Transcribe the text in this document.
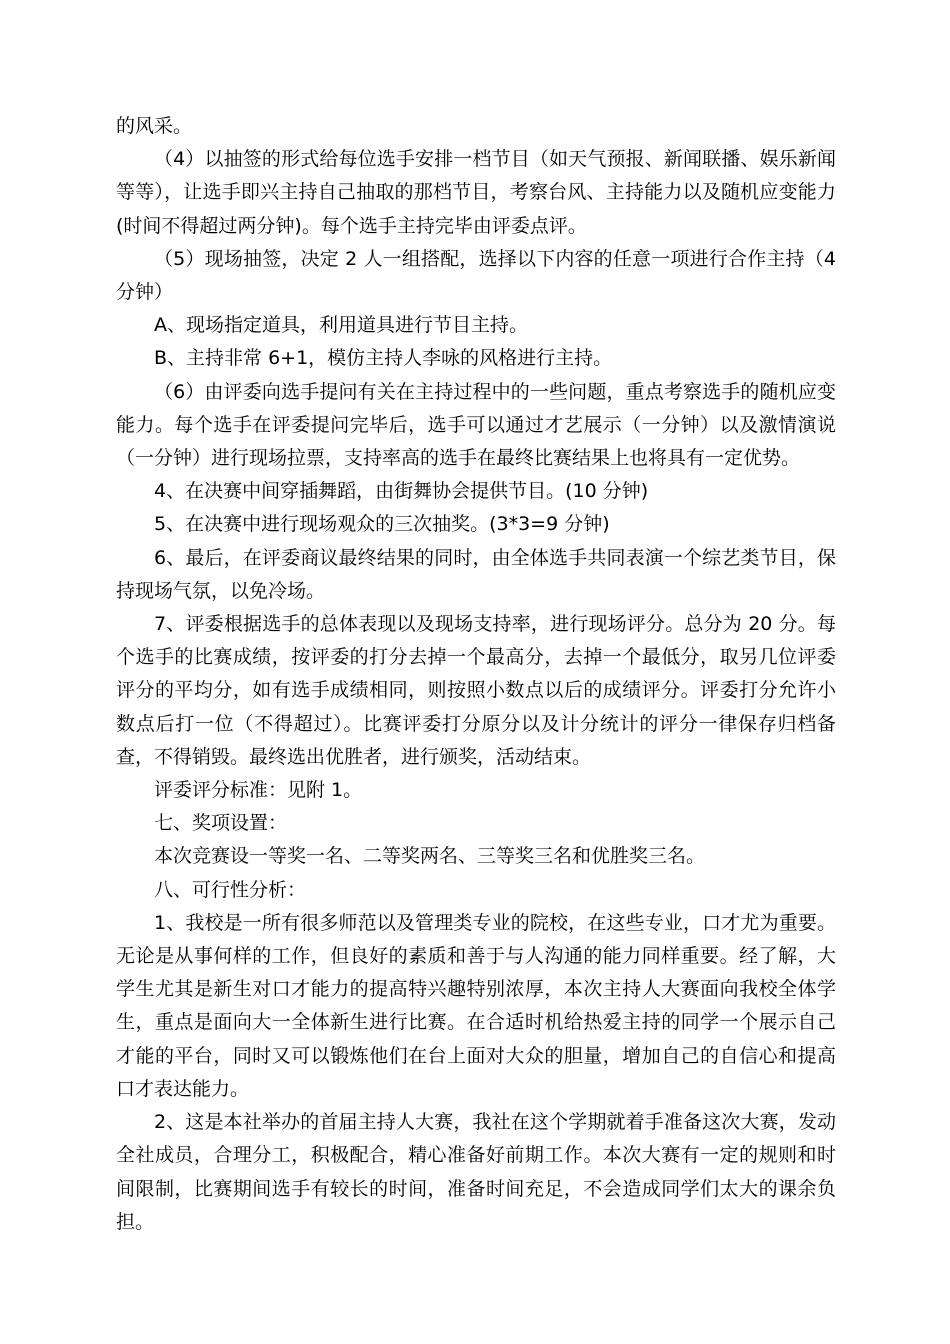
的风采。

（4）以抽签的形式给每位选手安排一档节目（如天气预报、新闻联播、娱乐新闻等等），让选手即兴主持自己抽取的那档节目，考察台风、主持能力以及随机应变能力(时间不得超过两分钟)。每个选手主持完毕由评委点评。

（5）现场抽签，决定 2 人一组搭配，选择以下内容的任意一项进行合作主持（4 分钟）

A、现场指定道具，利用道具进行节目主持。

B、主持非常 6+1，模仿主持人李咏的风格进行主持。

（6）由评委向选手提问有关在主持过程中的一些问题，重点考察选手的随机应变能力。每个选手在评委提问完毕后，选手可以通过才艺展示（一分钟）以及激情演说（一分钟）进行现场拉票，支持率高的选手在最终比赛结果上也将具有一定优势。

4、在决赛中间穿插舞蹈，由街舞协会提供节目。(10 分钟)

5、在决赛中进行现场观众的三次抽奖。(3*3=9 分钟)

6、最后，在评委商议最终结果的同时，由全体选手共同表演一个综艺类节目，保持现场气氛，以免冷场。

7、评委根据选手的总体表现以及现场支持率，进行现场评分。总分为 20 分。每个选手的比赛成绩，按评委的打分去掉一个最高分，去掉一个最低分，取另几位评委评分的平均分，如有选手成绩相同，则按照小数点以后的成绩评分。评委打分允许小数点后打一位（不得超过）。比赛评委打分原分以及计分统计的评分一律保存归档备查，不得销毁。最终选出优胜者，进行颁奖，活动结束。

评委评分标准：见附 1。

七、奖项设置：

本次竞赛设一等奖一名、二等奖两名、三等奖三名和优胜奖三名。

八、可行性分析：

1、我校是一所有很多师范以及管理类专业的院校，在这些专业，口才尤为重要。无论是从事何样的工作，但良好的素质和善于与人沟通的能力同样重要。经了解，大学生尤其是新生对口才能力的提高特兴趣特别浓厚，本次主持人大赛面向我校全体学生，重点是面向大一全体新生进行比赛。在合适时机给热爱主持的同学一个展示自己才能的平台，同时又可以锻炼他们在台上面对大众的胆量，增加自己的自信心和提高口才表达能力。

2、这是本社举办的首届主持人大赛，我社在这个学期就着手准备这次大赛，发动全社成员，合理分工，积极配合，精心准备好前期工作。本次大赛有一定的规则和时间限制，比赛期间选手有较长的时间，准备时间充足，不会造成同学们太大的课余负担。
